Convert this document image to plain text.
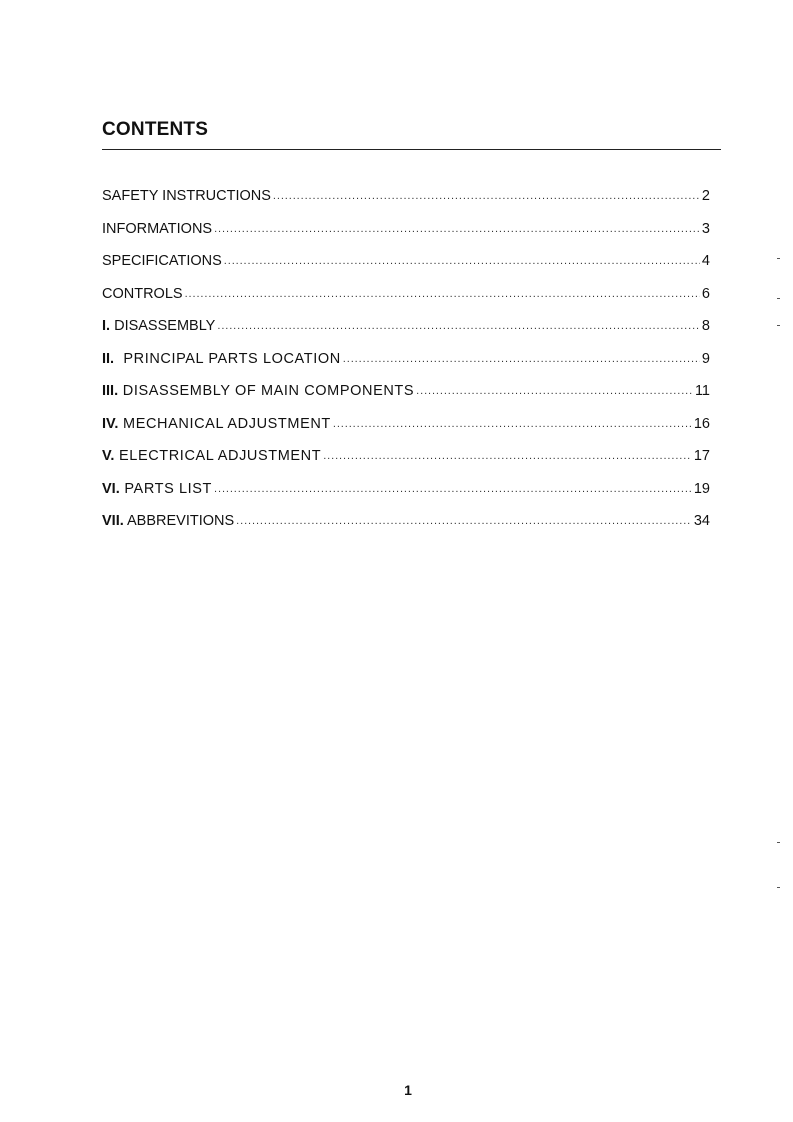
CONTENTS
SAFETY INSTRUCTIONS .....	2
INFORMATIONS .....	3
SPECIFICATIONS .....	4
CONTROLS .....	6
I. DISASSEMBLY .....	8
II. PRINCIPAL PARTS LOCATION .....	9
III. DISASSEMBLY OF MAIN COMPONENTS .....	11
IV. MECHANICAL ADJUSTMENT .....	16
V. ELECTRICAL ADJUSTMENT .....	17
VI. PARTS LIST .....	19
VII. ABBREVITIONS .....	34
1
